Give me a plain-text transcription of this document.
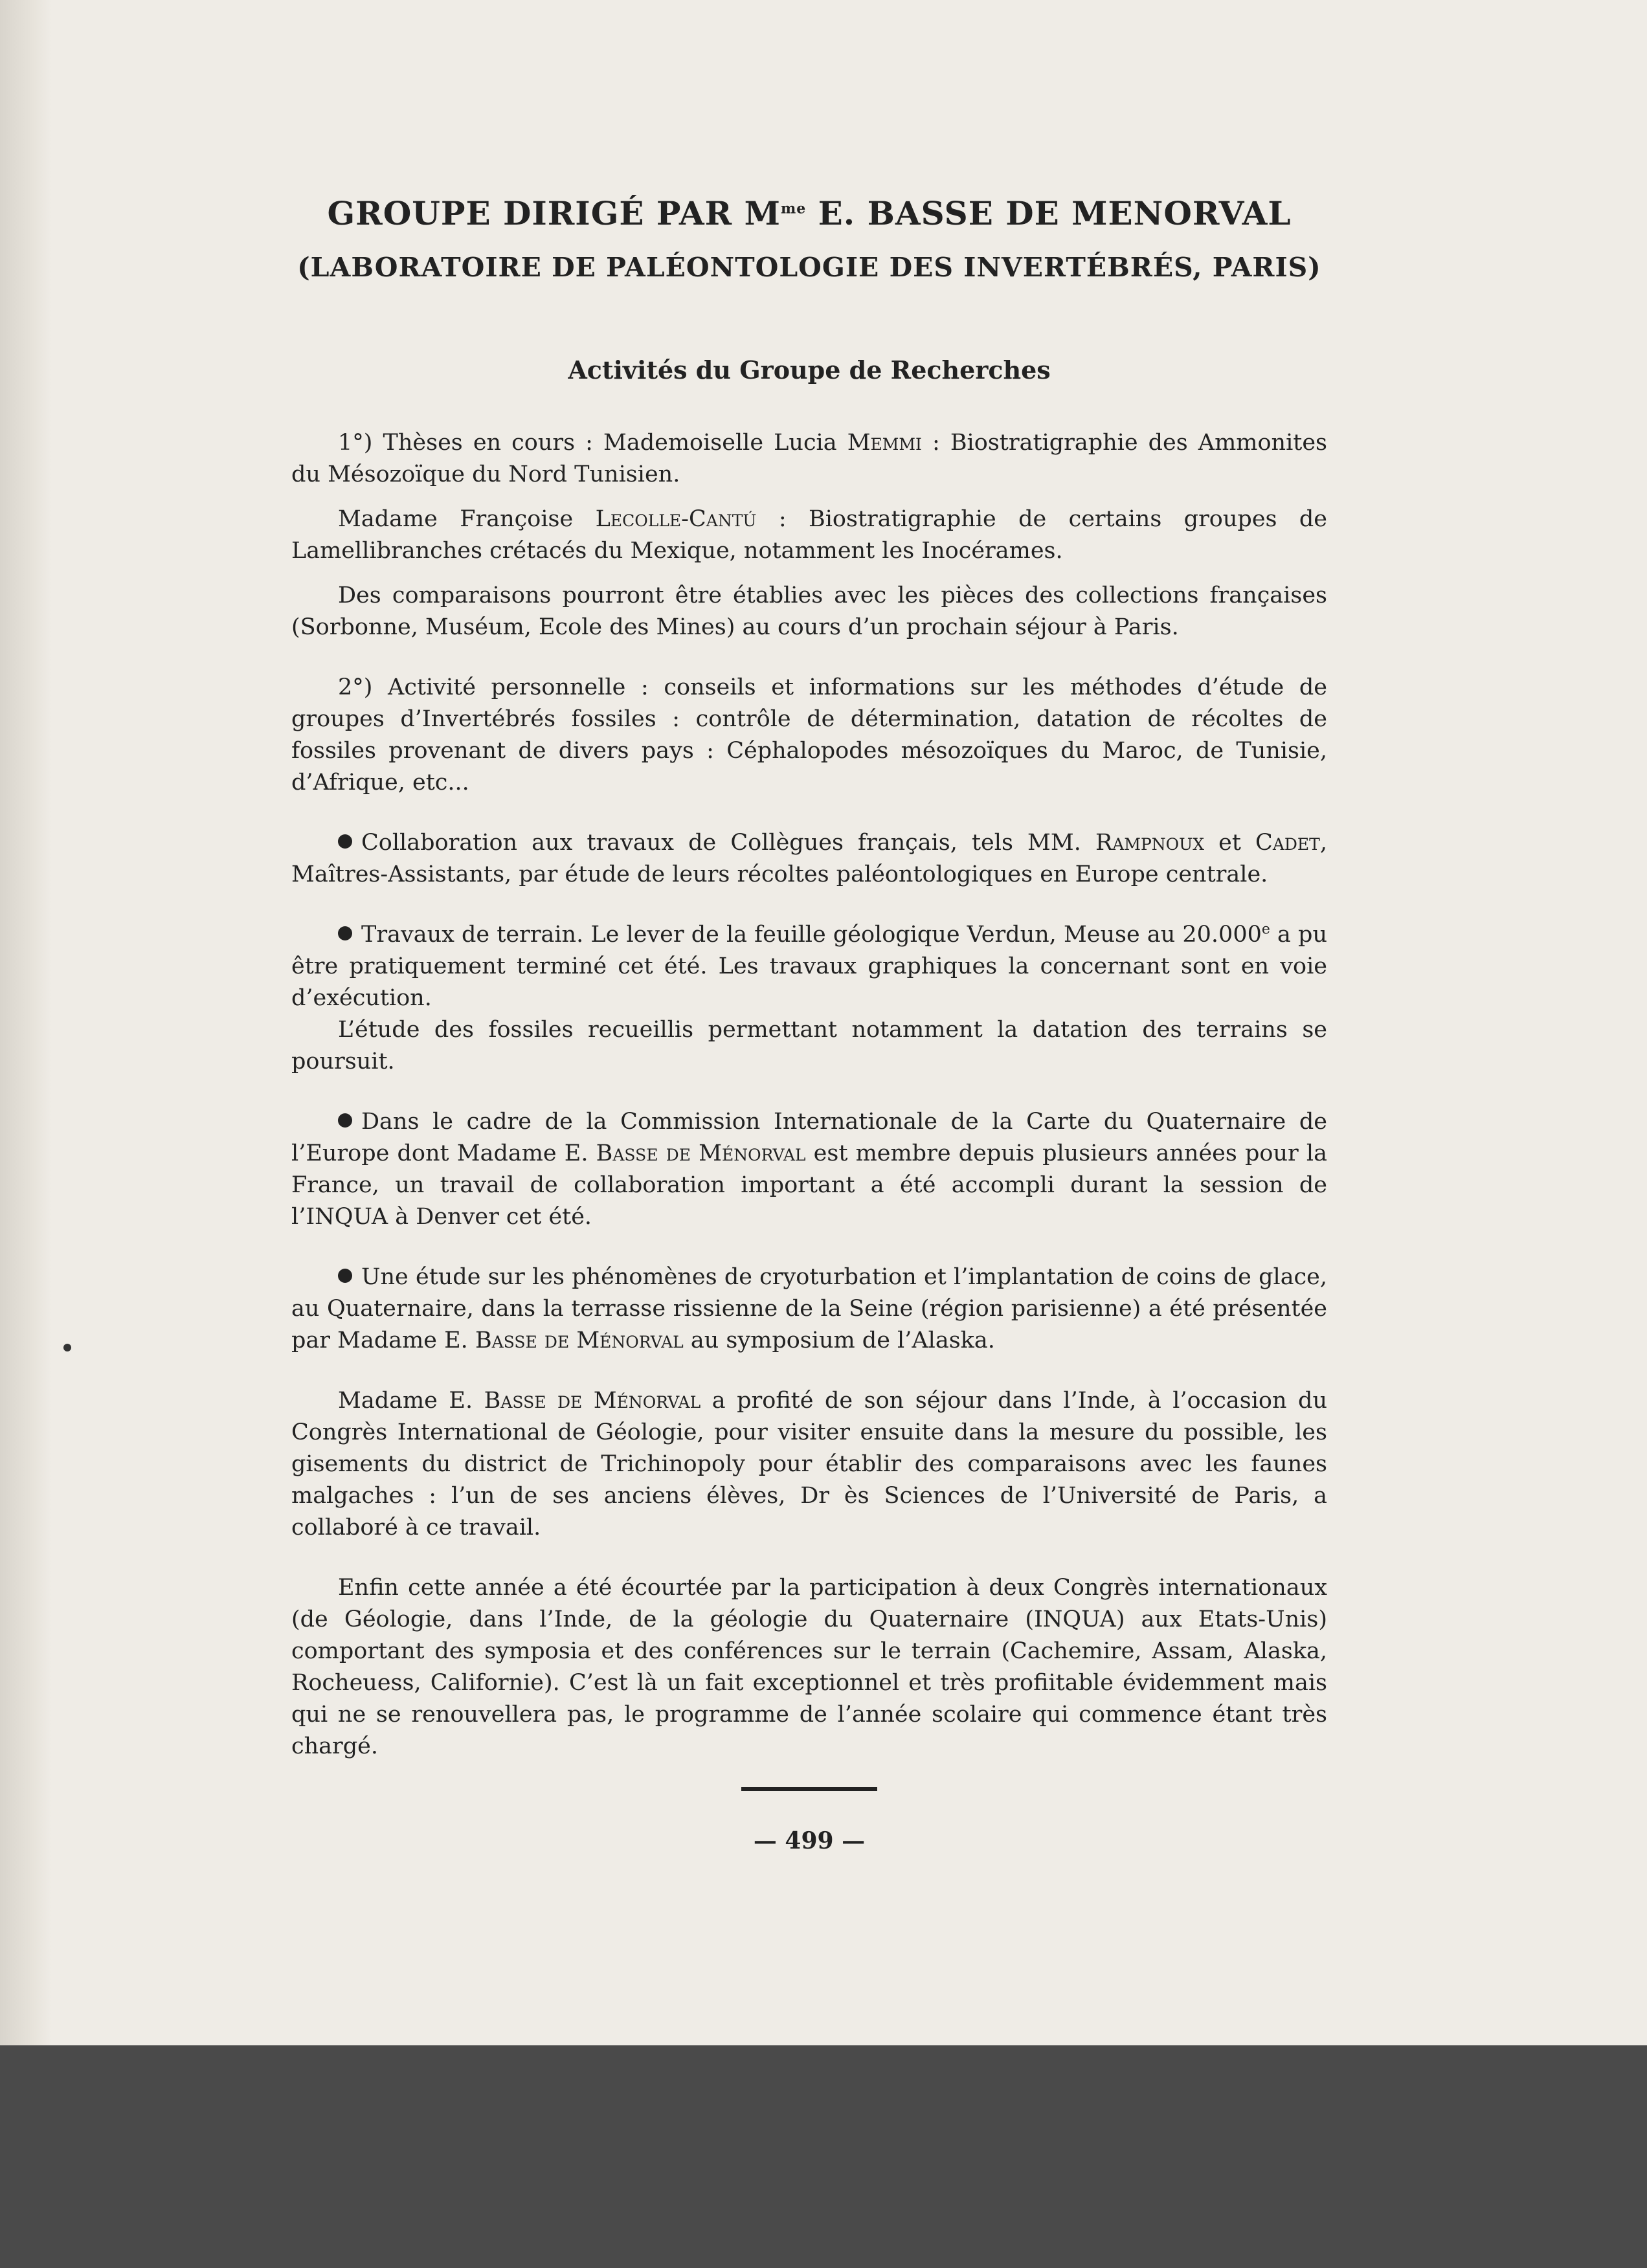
GROUPE DIRIGÉ PAR $M^{me}$ E. BASSE DE MENORVAL
(LABORATOIRE DE PALÉONTOLOGIE DES INVERTÉBRÉS, PARIS)
Activités du Groupe de Recherches

1°) Thèses en cours : Mademoiselle Lucia Memmi : Biostratigraphie des Ammonites du Mésozoïque du Nord Tunisien.

Madame Françoise Lecolle-Cantú : Biostratigraphie de certains groupes de Lamellibranches crétacés du Mexique, notamment les Inocérames.

Des comparaisons pourront être établies avec les pièces des collections françaises (Sorbonne, Muséum, Ecole des Mines) au cours d’un prochain séjour à Paris.

2°) Activité personnelle : conseils et informations sur les méthodes d’étude de groupes d’Invertébrés fossiles : contrôle de détermination, datation de récoltes de fossiles provenant de divers pays : Céphalopodes mésozoïques du Maroc, de Tunisie, d’Afrique, etc...

Collaboration aux travaux de Collègues français, tels MM. Rampnoux et Cadet, Maîtres-Assistants, par étude de leurs récoltes paléontologiques en Europe centrale.

Travaux de terrain. Le lever de la feuille géologique Verdun, Meuse au 20.000e a pu être pratiquement terminé cet été. Les travaux graphiques la concernant sont en voie d’exécution.

L’étude des fossiles recueillis permettant notamment la datation des terrains se poursuit.

Dans le cadre de la Commission Internationale de la Carte du Quaternaire de l’Europe dont Madame E. Basse de Ménorval est membre depuis plusieurs années pour la France, un travail de collaboration important a été accompli durant la session de l’INQUA à Denver cet été.

Une étude sur les phénomènes de cryoturbation et l’implantation de coins de glace, au Quaternaire, dans la terrasse rissienne de la Seine (région parisienne) a été présentée par Madame E. Basse de Ménorval au symposium de l’Alaska.

Madame E. Basse de Ménorval a profité de son séjour dans l’Inde, à l’occasion du Congrès International de Géologie, pour visiter ensuite dans la mesure du possible, les gisements du district de Trichinopoly pour établir des comparaisons avec les faunes malgaches : l’un de ses anciens élèves, Dr ès Sciences de l’Université de Paris, a collaboré à ce travail.

Enfin cette année a été écourtée par la participation à deux Congrès internationaux (de Géologie, dans l’Inde, de la géologie du Quaternaire (INQUA) aux Etats-Unis) comportant des symposia et des conférences sur le terrain (Cachemire, Assam, Alaska, Rocheuess, Californie). C’est là un fait exceptionnel et très profiitable évidemment mais qui ne se renouvellera pas, le programme de l’année scolaire qui commence étant très chargé.

— 499 —
